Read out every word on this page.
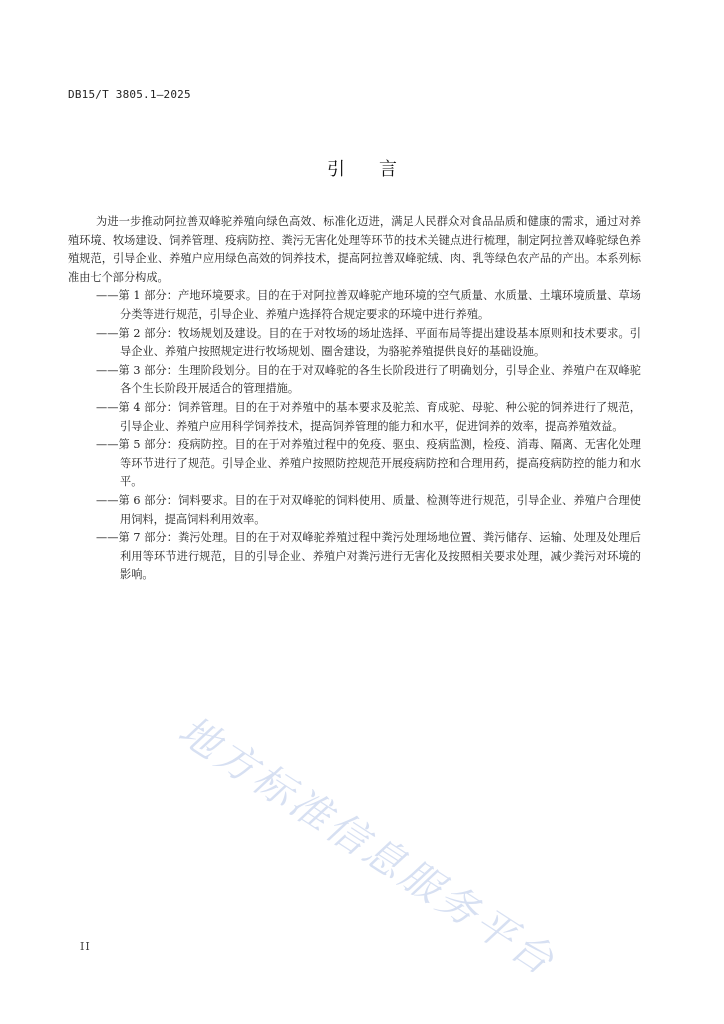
DB15/T 3805.1—2025
引言

为进一步推动阿拉善双峰驼养殖向绿色高效、标准化迈进，满足人民群众对食品品质和健康的需求，通过对养殖环境、牧场建设、饲养管理、疫病防控、粪污无害化处理等环节的技术关键点进行梳理，制定阿拉善双峰驼绿色养殖规范，引导企业、养殖户应用绿色高效的饲养技术，提高阿拉善双峰驼绒、肉、乳等绿色农产品的产出。本系列标准由七个部分构成。

——第 1 部分：产地环境要求。目的在于对阿拉善双峰驼产地环境的空气质量、水质量、土壤环境质量、草场分类等进行规范，引导企业、养殖户选择符合规定要求的环境中进行养殖。

——第 2 部分：牧场规划及建设。目的在于对牧场的场址选择、平面布局等提出建设基本原则和技术要求。引导企业、养殖户按照规定进行牧场规划、圈舍建设，为骆驼养殖提供良好的基础设施。

——第 3 部分：生理阶段划分。目的在于对双峰驼的各生长阶段进行了明确划分，引导企业、养殖户在双峰驼各个生长阶段开展适合的管理措施。

——第 4 部分：饲养管理。目的在于对养殖中的基本要求及驼羔、育成驼、母驼、种公驼的饲养进行了规范，引导企业、养殖户应用科学饲养技术，提高饲养管理的能力和水平，促进饲养的效率，提高养殖效益。

——第 5 部分：疫病防控。目的在于对养殖过程中的免疫、驱虫、疫病监测，检疫、消毒、隔离、无害化处理等环节进行了规范。引导企业、养殖户按照防控规范开展疫病防控和合理用药，提高疫病防控的能力和水平。

——第 6 部分：饲料要求。目的在于对双峰驼的饲料使用、质量、检测等进行规范，引导企业、养殖户合理使用饲料，提高饲料利用效率。

——第 7 部分：粪污处理。目的在于对双峰驼养殖过程中粪污处理场地位置、粪污储存、运输、处理及处理后利用等环节进行规范，目的引导企业、养殖户对粪污进行无害化及按照相关要求处理，减少粪污对环境的影响。

地方标准信息服务平台
II
